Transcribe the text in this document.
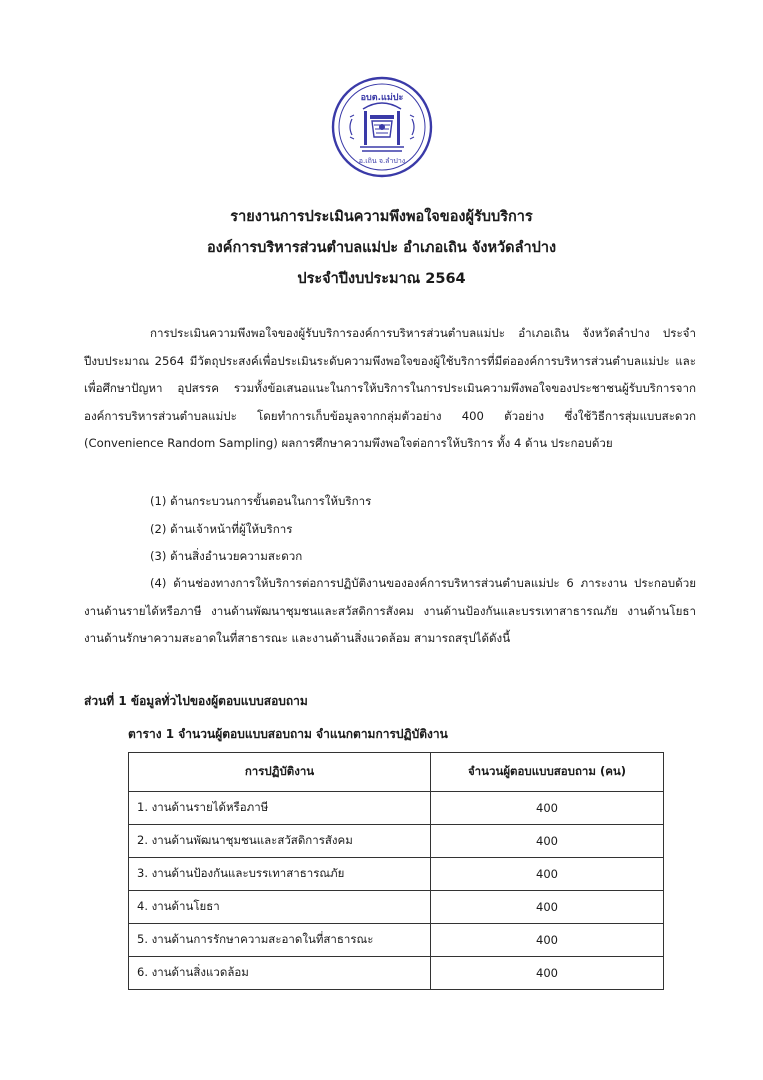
อบต.แม่ปะ
อ.เถิน จ.ลำปาง
รายงานการประเมินความพึงพอใจของผู้รับบริการ
องค์การบริหารส่วนตำบลแม่ปะ อำเภอเถิน จังหวัดลำปาง
ประจำปีงบประมาณ 2564

การประเมินความพึงพอใจของผู้รับบริการองค์การบริหารส่วนตำบลแม่ปะ อำเภอเถิน จังหวัดลำปาง ประจำปีงบประมาณ 2564 มีวัตถุประสงค์เพื่อประเมินระดับความพึงพอใจของผู้ใช้บริการที่มีต่อองค์การบริหารส่วนตำบลแม่ปะ และเพื่อศึกษาปัญหา อุปสรรค รวมทั้งข้อเสนอแนะในการให้บริการในการประเมินความพึงพอใจของประชาชนผู้รับบริการจากองค์การบริหารส่วนตำบลแม่ปะ โดยทำการเก็บข้อมูลจากกลุ่มตัวอย่าง 400 ตัวอย่าง ซึ่งใช้วิธีการสุ่มแบบสะดวก (Convenience Random Sampling) ผลการศึกษาความพึงพอใจต่อการให้บริการ ทั้ง 4 ด้าน ประกอบด้วย

(1) ด้านกระบวนการขั้นตอนในการให้บริการ
(2) ด้านเจ้าหน้าที่ผู้ให้บริการ
(3) ด้านสิ่งอำนวยความสะดวก

(4) ด้านช่องทางการให้บริการต่อการปฏิบัติงานขององค์การบริหารส่วนตำบลแม่ปะ 6 ภาระงาน ประกอบด้วย งานด้านรายได้หรือภาษี งานด้านพัฒนาชุมชนและสวัสดิการสังคม งานด้านป้องกันและบรรเทาสาธารณภัย งานด้านโยธา งานด้านรักษาความสะอาดในที่สาธารณะ และงานด้านสิ่งแวดล้อม สามารถสรุปได้ดังนี้

ส่วนที่ 1 ข้อมูลทั่วไปของผู้ตอบแบบสอบถาม
ตาราง 1 จำนวนผู้ตอบแบบสอบถาม จำแนกตามการปฏิบัติงาน
การปฏิบัติงาน	จำนวนผู้ตอบแบบสอบถาม (คน)
1. งานด้านรายได้หรือภาษี	400
2. งานด้านพัฒนาชุมชนและสวัสดิการสังคม	400
3. งานด้านป้องกันและบรรเทาสาธารณภัย	400
4. งานด้านโยธา	400
5. งานด้านการรักษาความสะอาดในที่สาธารณะ	400
6. งานด้านสิ่งแวดล้อม	400
